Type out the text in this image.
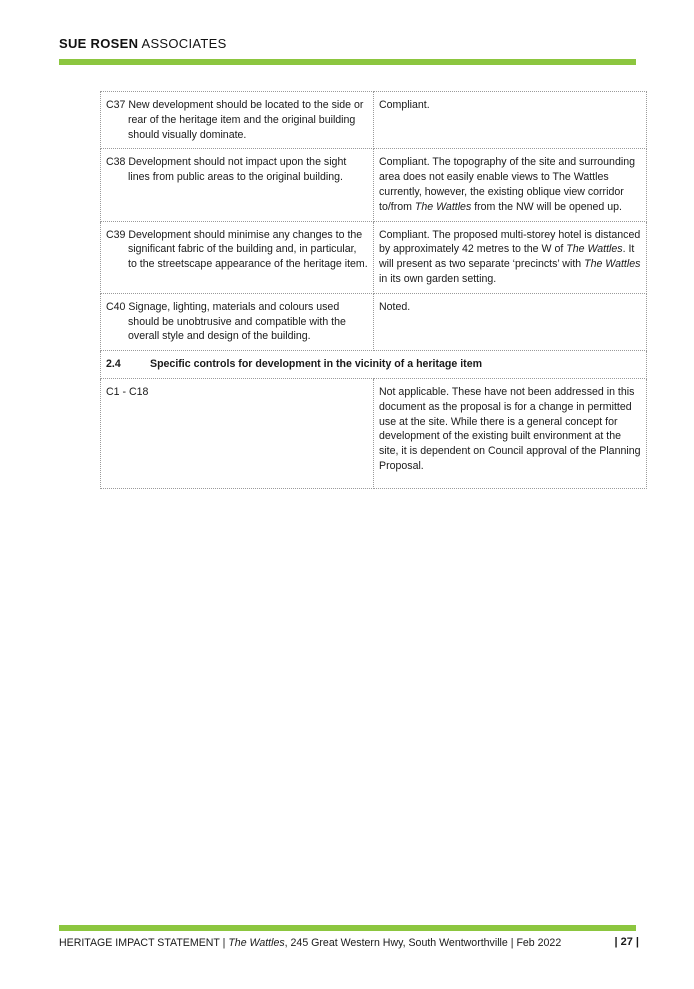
SUE ROSEN ASSOCIATES
C37 New development should be located to the side or rear of the heritage item and the original building should visually dominate.	Compliant.

C38 Development should not impact upon the sight lines from public areas to the original building.	Compliant. The topography of the site and surrounding area does not easily enable views to The Wattles currently, however, the existing oblique view corridor to/from The Wattles from the NW will be opened up.

C39 Development should minimise any changes to the significant fabric of the building and, in particular, to the streetscape appearance of the heritage item.	Compliant. The proposed multi-storey hotel is distanced by approximately 42 metres to the W of The Wattles. It will present as two separate ‘precincts’ with The Wattles in its own garden setting.

C40 Signage, lighting, materials and colours used should be unobtrusive and compatible with the overall style and design of the building.	Noted.
2.4 Specific controls for development in the vicinity of a heritage item	
C1 - C18	Not applicable. These have not been addressed in this document as the proposal is for a change in permitted use at the site. While there is a general concept for development of the existing built environment at the site, it is dependent on Council approval of the Planning Proposal.
HERITAGE IMPACT STATEMENT | The Wattles, 245 Great Western Hwy, South Wentworthville | Feb 2022	| 27 |
